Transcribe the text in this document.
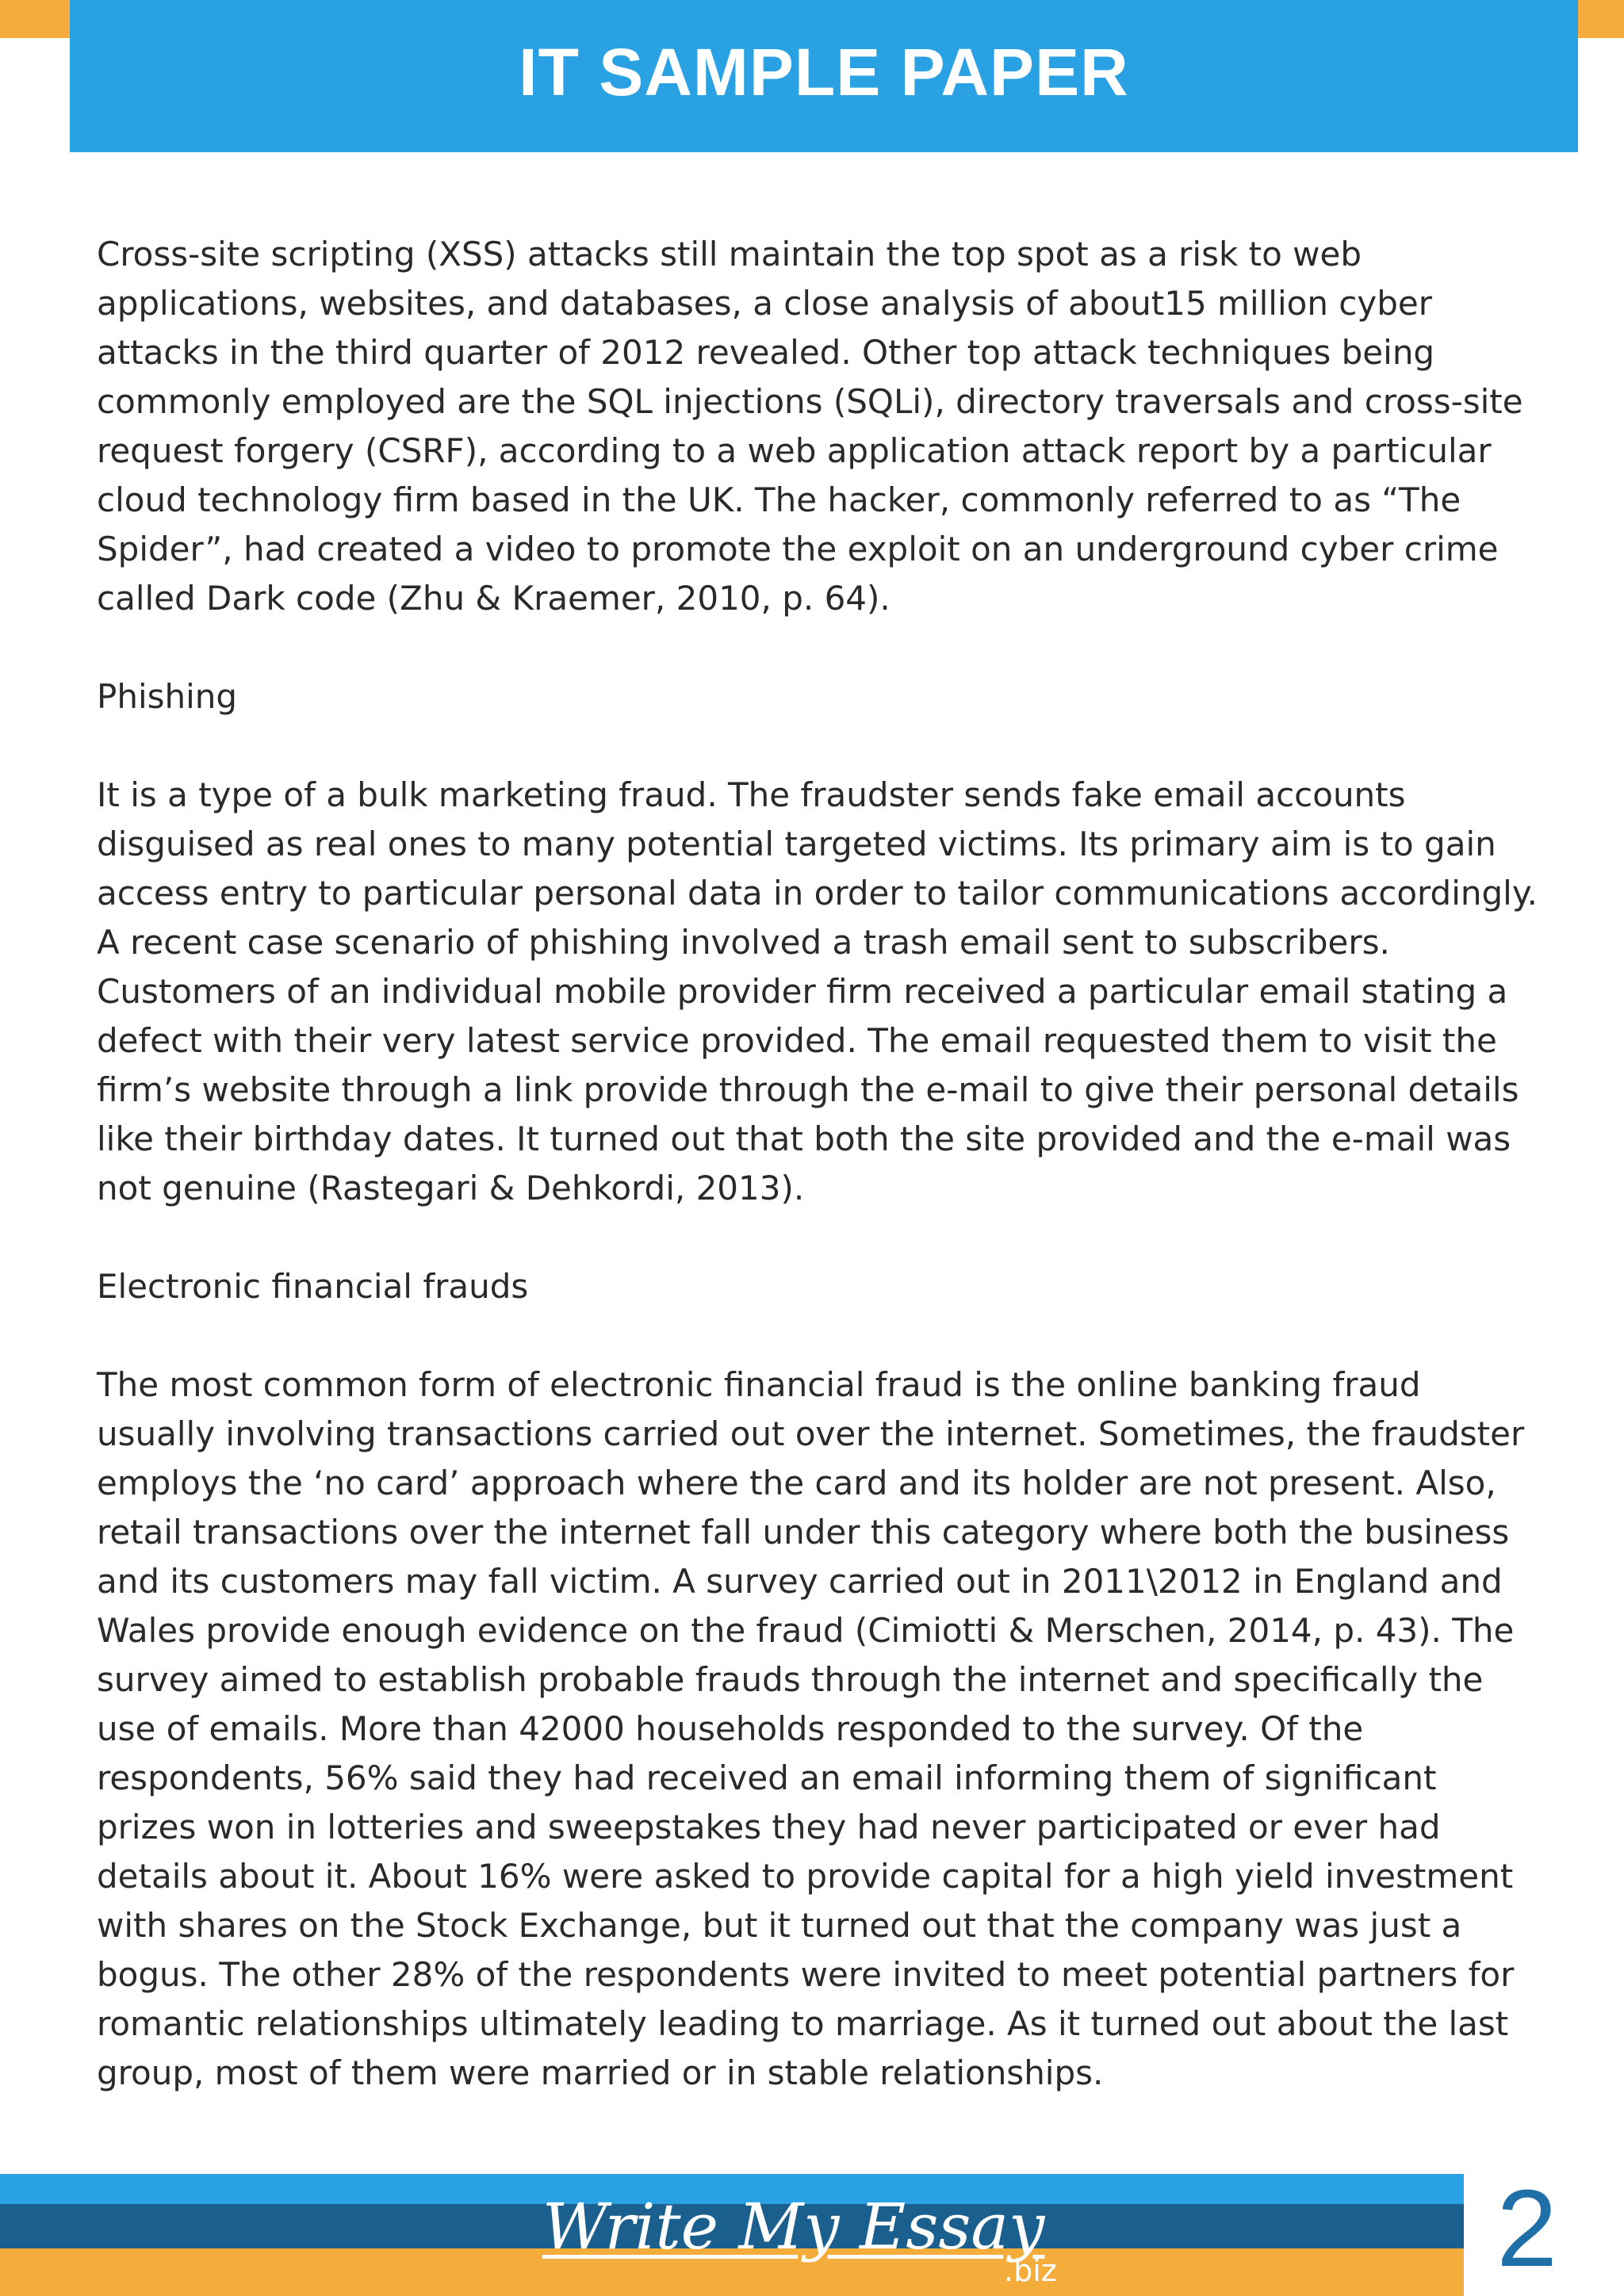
IT SAMPLE PAPER

Cross-site scripting (XSS) attacks still maintain the top spot as a risk to web applications, websites, and databases, a close analysis of about15 million cyber attacks in the third quarter of 2012 revealed. Other top attack techniques being commonly employed are the SQL injections (SQLi), directory traversals and cross-site request forgery (CSRF), according to a web application attack report by a particular cloud technology firm based in the UK. The hacker, commonly referred to as “The Spider”, had created a video to promote the exploit on an underground cyber crime called Dark code (Zhu & Kraemer, 2010, p. 64).

Phishing

It is a type of a bulk marketing fraud. The fraudster sends fake email accounts disguised as real ones to many potential targeted victims. Its primary aim is to gain access entry to particular personal data in order to tailor communications accordingly. A recent case scenario of phishing involved a trash email sent to subscribers. Customers of an individual mobile provider firm received a particular email stating a defect with their very latest service provided. The email requested them to visit the firm’s website through a link provide through the e-mail to give their personal details like their birthday dates. It turned out that both the site provided and the e-mail was not genuine (Rastegari & Dehkordi, 2013).

Electronic financial frauds

The most common form of electronic financial fraud is the online banking fraud usually involving transactions carried out over the internet. Sometimes, the fraudster employs the ‘no card’ approach where the card and its holder are not present. Also, retail transactions over the internet fall under this category where both the business and its customers may fall victim. A survey carried out in 2011\2012 in England and Wales provide enough evidence on the fraud (Cimiotti & Merschen, 2014, p. 43). The survey aimed to establish probable frauds through the internet and specifically the use of emails. More than 42000 households responded to the survey. Of the respondents, 56% said they had received an email informing them of significant prizes won in lotteries and sweepstakes they had never participated or ever had details about it. About 16% were asked to provide capital for a high yield investment with shares on the Stock Exchange, but it turned out that the company was just a bogus. The other 28% of the respondents were invited to meet potential partners for romantic relationships ultimately leading to marriage. As it turned out about the last group, most of them were married or in stable relationships.

Write My Essay
.biz	2
